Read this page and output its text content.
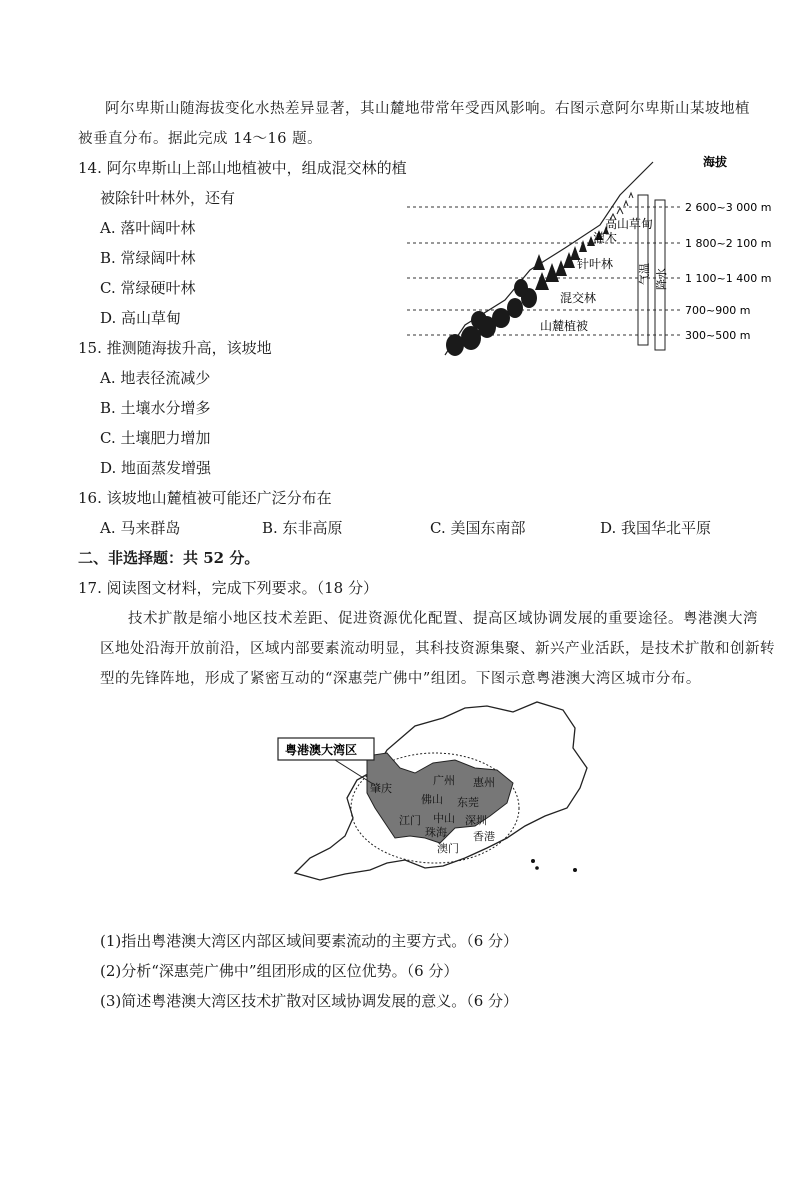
阿尔卑斯山随海拔变化水热差异显著，其山麓地带常年受西风影响。右图示意阿尔卑斯山某坡地植
被垂直分布。据此完成 14～16 题。
14. 阿尔卑斯山上部山地植被中，组成混交林的植
被除针叶林外，还有
A. 落叶阔叶林
B. 常绿阔叶林
C. 常绿硬叶林
D. 高山草甸
15. 推测随海拔升高，该坡地
A. 地表径流减少
B. 土壤水分增多
C. 土壤肥力增加
D. 地面蒸发增强
16. 该坡地山麓植被可能还广泛分布在
A. 马来群岛	B. 东非高原	C. 美国东南部	D. 我国华北平原
二、非选择题：共 52 分。
17. 阅读图文材料，完成下列要求。（18 分）
技术扩散是缩小地区技术差距、促进资源优化配置、提高区域协调发展的重要途径。粤港澳大湾
区地处沿海开放前沿，区域内部要素流动明显，其科技资源集聚、新兴产业活跃，是技术扩散和创新转
型的先锋阵地，形成了紧密互动的“深惠莞广佛中”组团。下图示意粤港澳大湾区城市分布。
(1)指出粤港澳大湾区内部区域间要素流动的主要方式。（6 分）
(2)分析“深惠莞广佛中”组团形成的区位优势。（6 分）
(3)简述粤港澳大湾区技术扩散对区域协调发展的意义。（6 分）
高山草甸
灌木
针叶林
混交林
山麓植被
气温 降水
海拔
2 600~3 000 m
1 800~2 100 m
1 100~1 400 m
700~900 m
300~500 m
粤港澳大湾区
肇庆
广州 惠州
佛山 东莞
江门 中山 深圳
珠海 香港
澳门
